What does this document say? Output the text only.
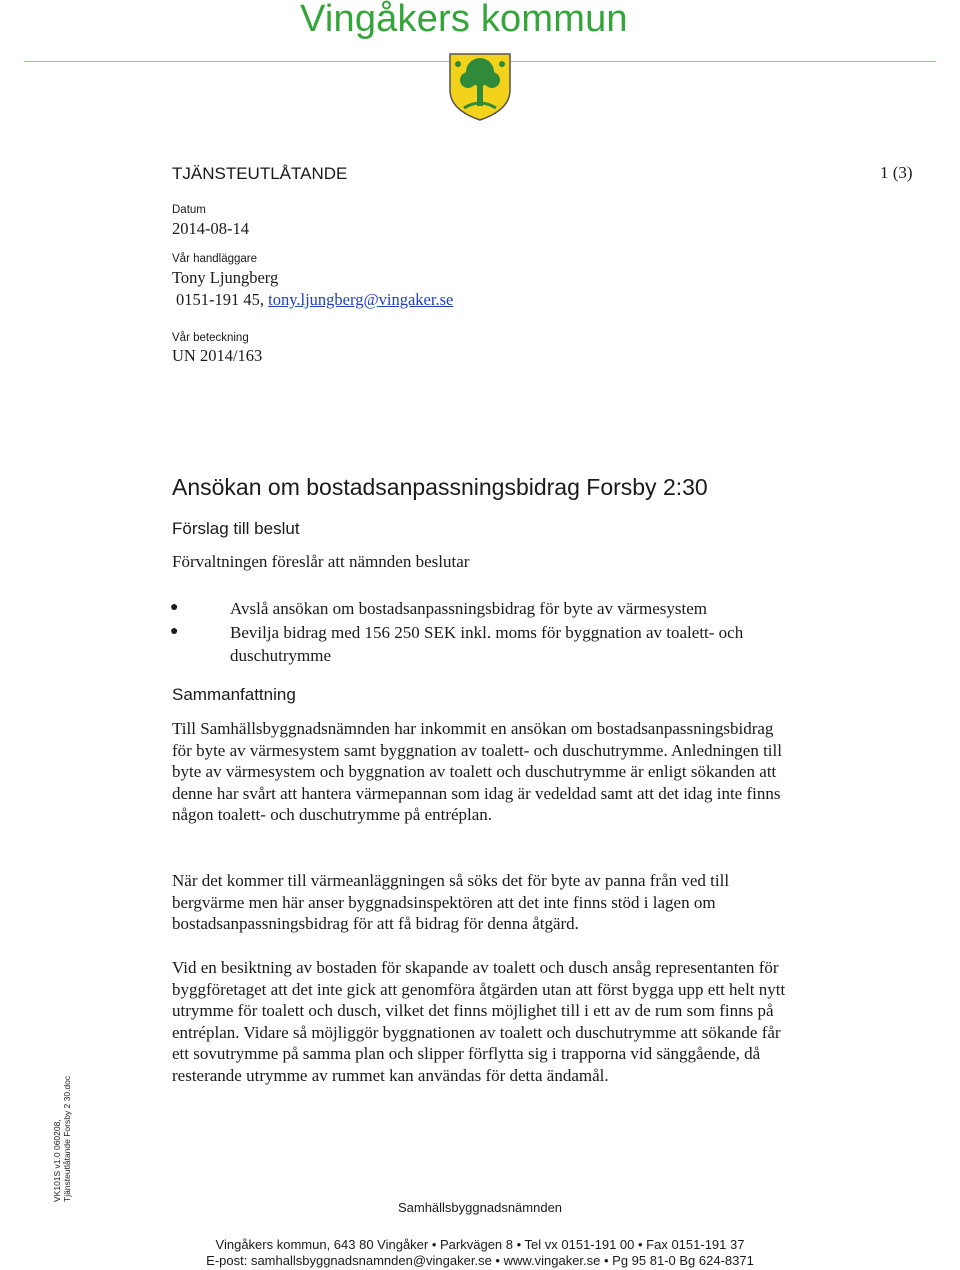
Vingåkers kommun
TJÄNSTEUTLÅTANDE	1 (3)
Datum
2014-08-14
Vår handläggare
Tony Ljungberg
0151-191 45, tony.ljungberg@vingaker.se
Vår beteckning
UN 2014/163
Ansökan om bostadsanpassningsbidrag Forsby 2:30
Förslag till beslut
Förvaltningen föreslår att nämnden beslutar
●	Avslå ansökan om bostadsanpassningsbidrag för byte av värmesystem
●	Bevilja bidrag med 156 250 SEK inkl. moms för byggnation av toalett- och duschutrymme
Sammanfattning

Till Samhällsbyggnadsnämnden har inkommit en ansökan om bostadsanpassningsbidrag för byte av värmesystem samt byggnation av toalett- och duschutrymme. Anledningen till byte av värmesystem och byggnation av toalett och duschutrymme är enligt sökanden att denne har svårt att hantera värmepannan som idag är vedeldad samt att det idag inte finns någon toalett- och duschutrymme på entréplan.

När det kommer till värmeanläggningen så söks det för byte av panna från ved till bergvärme men här anser byggnadsinspektören att det inte finns stöd i lagen om bostadsanpassningsbidrag för att få bidrag för denna åtgärd.

Vid en besiktning av bostaden för skapande av toalett och dusch ansåg representanten för byggföretaget att det inte gick att genomföra åtgärden utan att först bygga upp ett helt nytt utrymme för toalett och dusch, vilket det finns möjlighet till i ett av de rum som finns på entréplan. Vidare så möjliggör byggnationen av toalett och duschutrymme att sökande får ett sovutrymme på samma plan och slipper förflytta sig i trapporna vid sänggående, då resterande utrymme av rummet kan användas för detta ändamål.

VK101S v1.0 060208, Tjänsteutlåtande Forsby 2 30.doc
Samhällsbyggnadsnämnden
Vingåkers kommun, 643 80 Vingåker • Parkvägen 8 • Tel vx 0151-191 00 • Fax 0151-191 37
E-post: samhallsbyggnadsnamnden@vingaker.se • www.vingaker.se • Pg 95 81-0 Bg 624-8371
